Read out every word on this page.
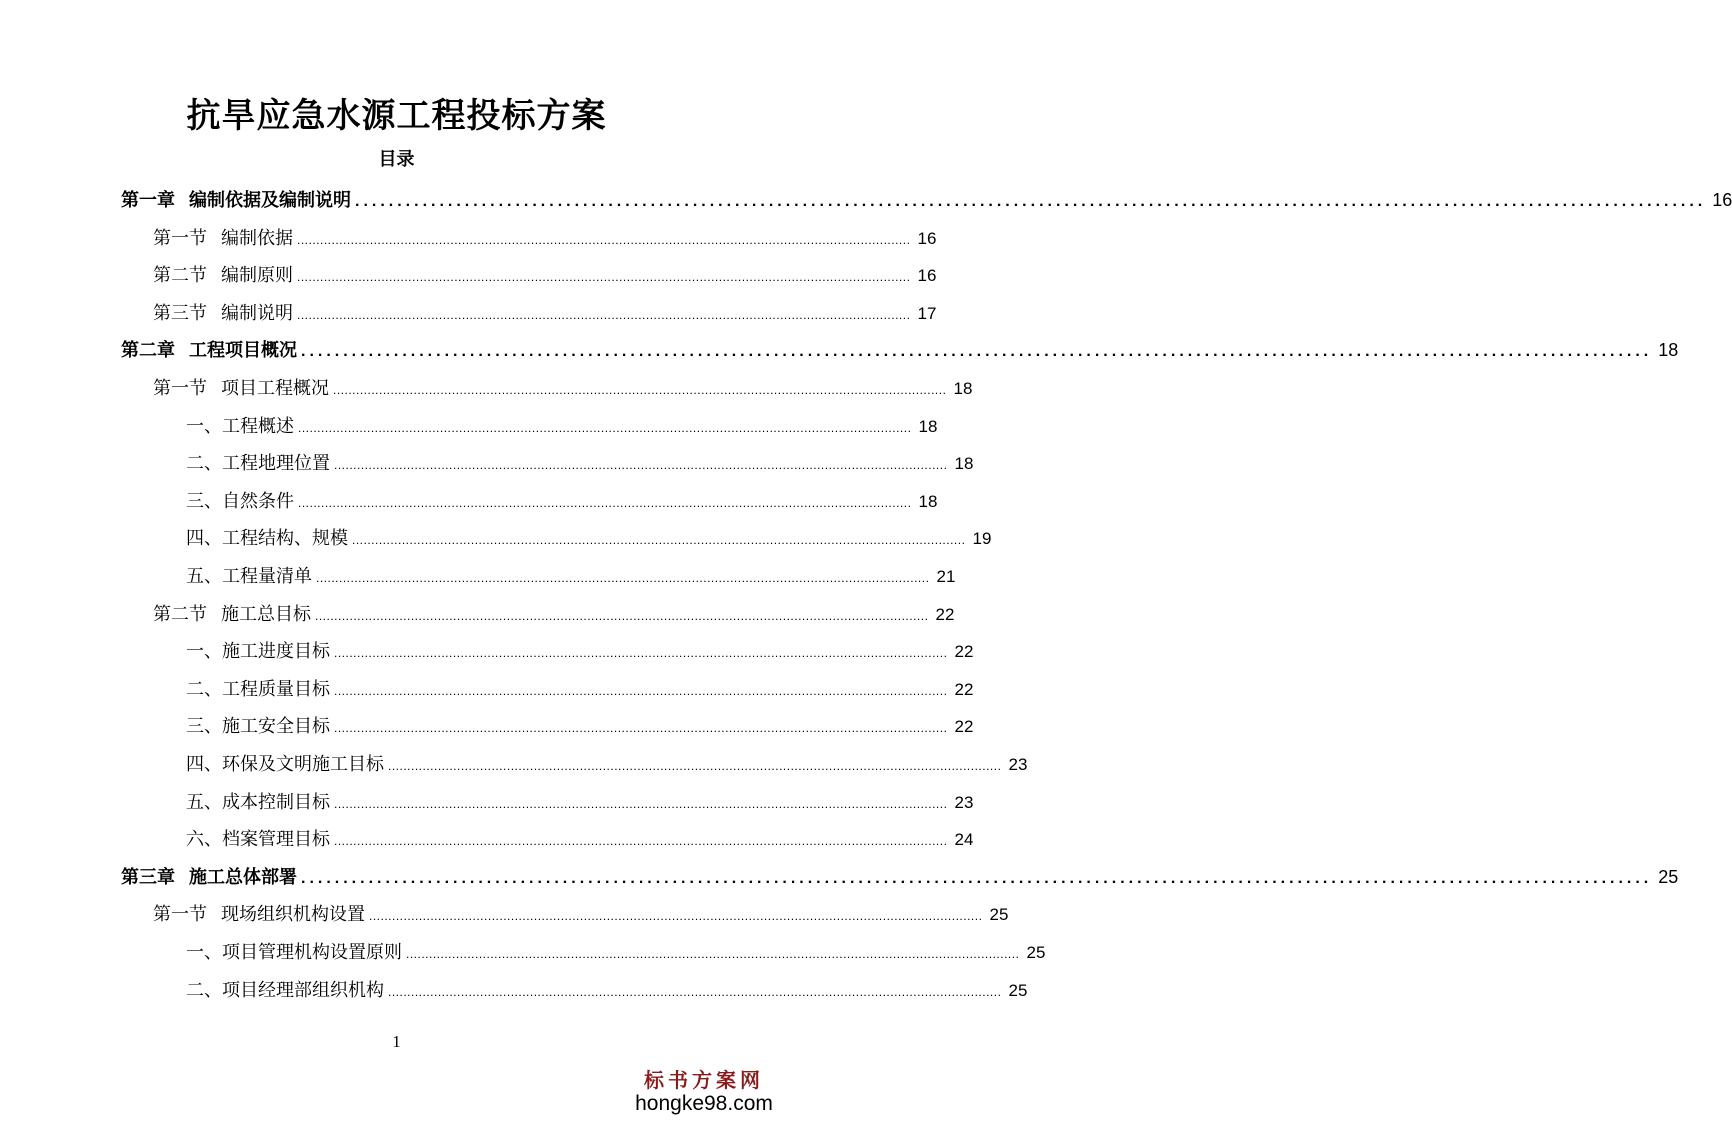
抗旱应急水源工程投标方案
目录
第一章 编制依据及编制说明 ................................................................................................................................................................ 16
第一节 编制依据 ................................................................................................................................................................ 16
第二节 编制原则 ................................................................................................................................................................ 16
第三节 编制说明 ................................................................................................................................................................ 17
第二章 工程项目概况 ................................................................................................................................................................ 18
第一节 项目工程概况 ................................................................................................................................................................ 18
一、工程概述 ................................................................................................................................................................ 18
二、工程地理位置 ................................................................................................................................................................ 18
三、自然条件 ................................................................................................................................................................ 18
四、工程结构、规模 ................................................................................................................................................................ 19
五、工程量清单 ................................................................................................................................................................ 21
第二节 施工总目标 ................................................................................................................................................................ 22
一、施工进度目标 ................................................................................................................................................................ 22
二、工程质量目标 ................................................................................................................................................................ 22
三、施工安全目标 ................................................................................................................................................................ 22
四、环保及文明施工目标 ................................................................................................................................................................ 23
五、成本控制目标 ................................................................................................................................................................ 23
六、档案管理目标 ................................................................................................................................................................ 24
第三章 施工总体部署 ................................................................................................................................................................ 25
第一节 现场组织机构设置 ................................................................................................................................................................ 25
一、项目管理机构设置原则 ................................................................................................................................................................ 25
二、项目经理部组织机构 ................................................................................................................................................................ 25
1
标书方案网
hongke98.com
